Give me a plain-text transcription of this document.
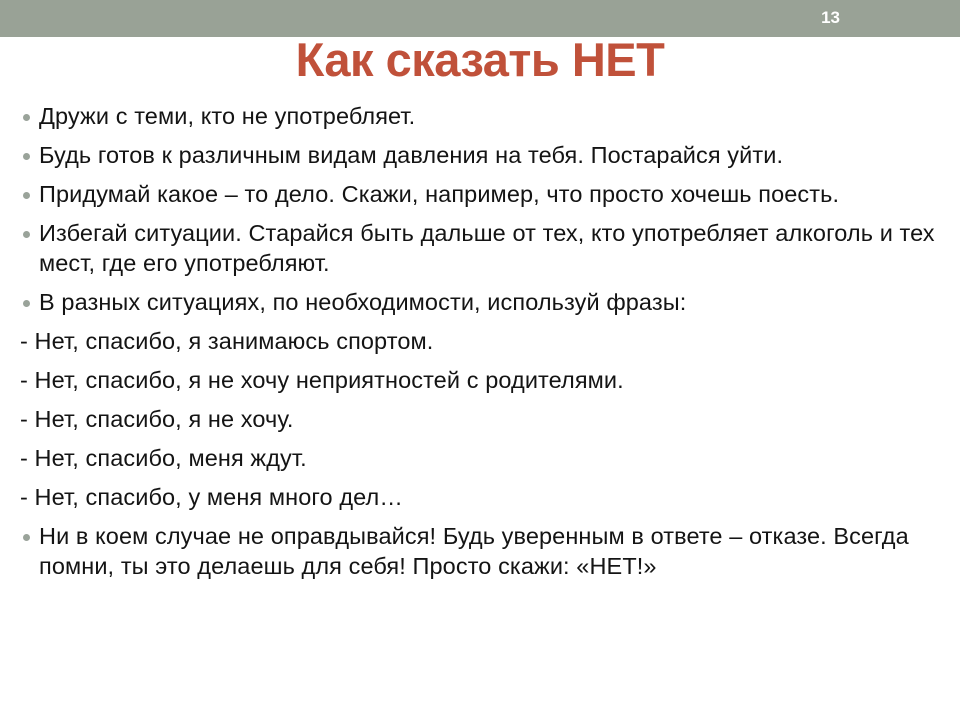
13
Как сказать НЕТ
Дружи с теми, кто не употребляет.
Будь готов к различным видам давления на тебя. Постарайся уйти.
Придумай какое – то дело. Скажи, например, что просто хочешь поесть.
Избегай ситуации. Старайся быть дальше от тех, кто употребляет алкоголь и тех мест, где его употребляют.
В разных ситуациях, по необходимости, используй фразы:
- Нет, спасибо, я занимаюсь спортом.
- Нет, спасибо, я не хочу неприятностей с родителями.
- Нет, спасибо, я не хочу.
- Нет, спасибо, меня ждут.
- Нет, спасибо, у меня много дел…
Ни в коем случае не оправдывайся! Будь уверенным в ответе – отказе. Всегда помни, ты это делаешь для себя! Просто скажи: «НЕТ!»
